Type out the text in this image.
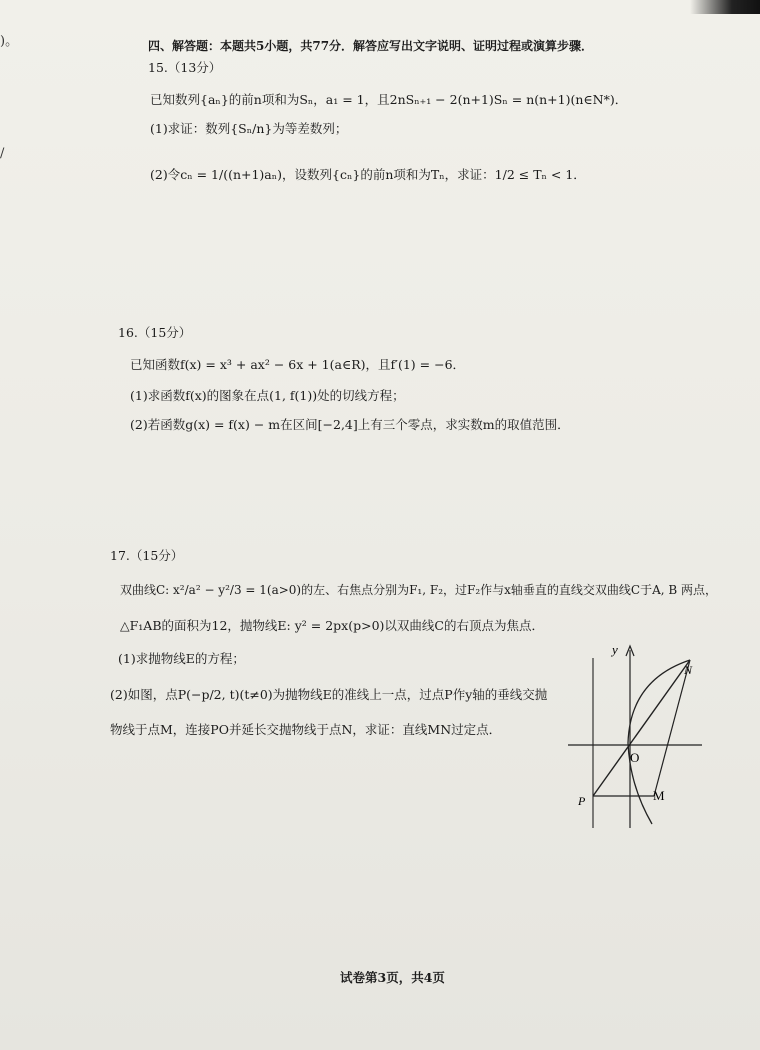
)。
/
四、解答题：本题共5小题，共77分．解答应写出文字说明、证明过程或演算步骤．
15.（13分）
已知数列{aₙ}的前n项和为Sₙ，a₁ = 1，且2nSₙ₊₁ − 2(n+1)Sₙ = n(n+1)(n∈N*)．
(1)求证：数列{Sₙ/n}为等差数列；
(2)令cₙ = 1/((n+1)aₙ)，设数列{cₙ}的前n项和为Tₙ，求证：1/2 ≤ Tₙ < 1．
16.（15分）
已知函数f(x) = x³ + ax² − 6x + 1(a∈R)，且f′(1) = −6．
(1)求函数f(x)的图象在点(1, f(1))处的切线方程；
(2)若函数g(x) = f(x) − m在区间[−2,4]上有三个零点，求实数m的取值范围．
17.（15分）
双曲线C: x²/a² − y²/3 = 1(a>0)的左、右焦点分别为F₁, F₂，过F₂作与x轴垂直的直线交双曲线C于A, B 两点，
△F₁AB的面积为12，抛物线E: y² = 2px(p>0)以双曲线C的右顶点为焦点．
(1)求抛物线E的方程；
(2)如图，点P(−p/2, t)(t≠0)为抛物线E的准线上一点，过点P作y轴的垂线交抛
物线于点M，连接PO并延长交抛物线于点N，求证：直线MN过定点．
y
N
O
P	M
试卷第3页，共4页
